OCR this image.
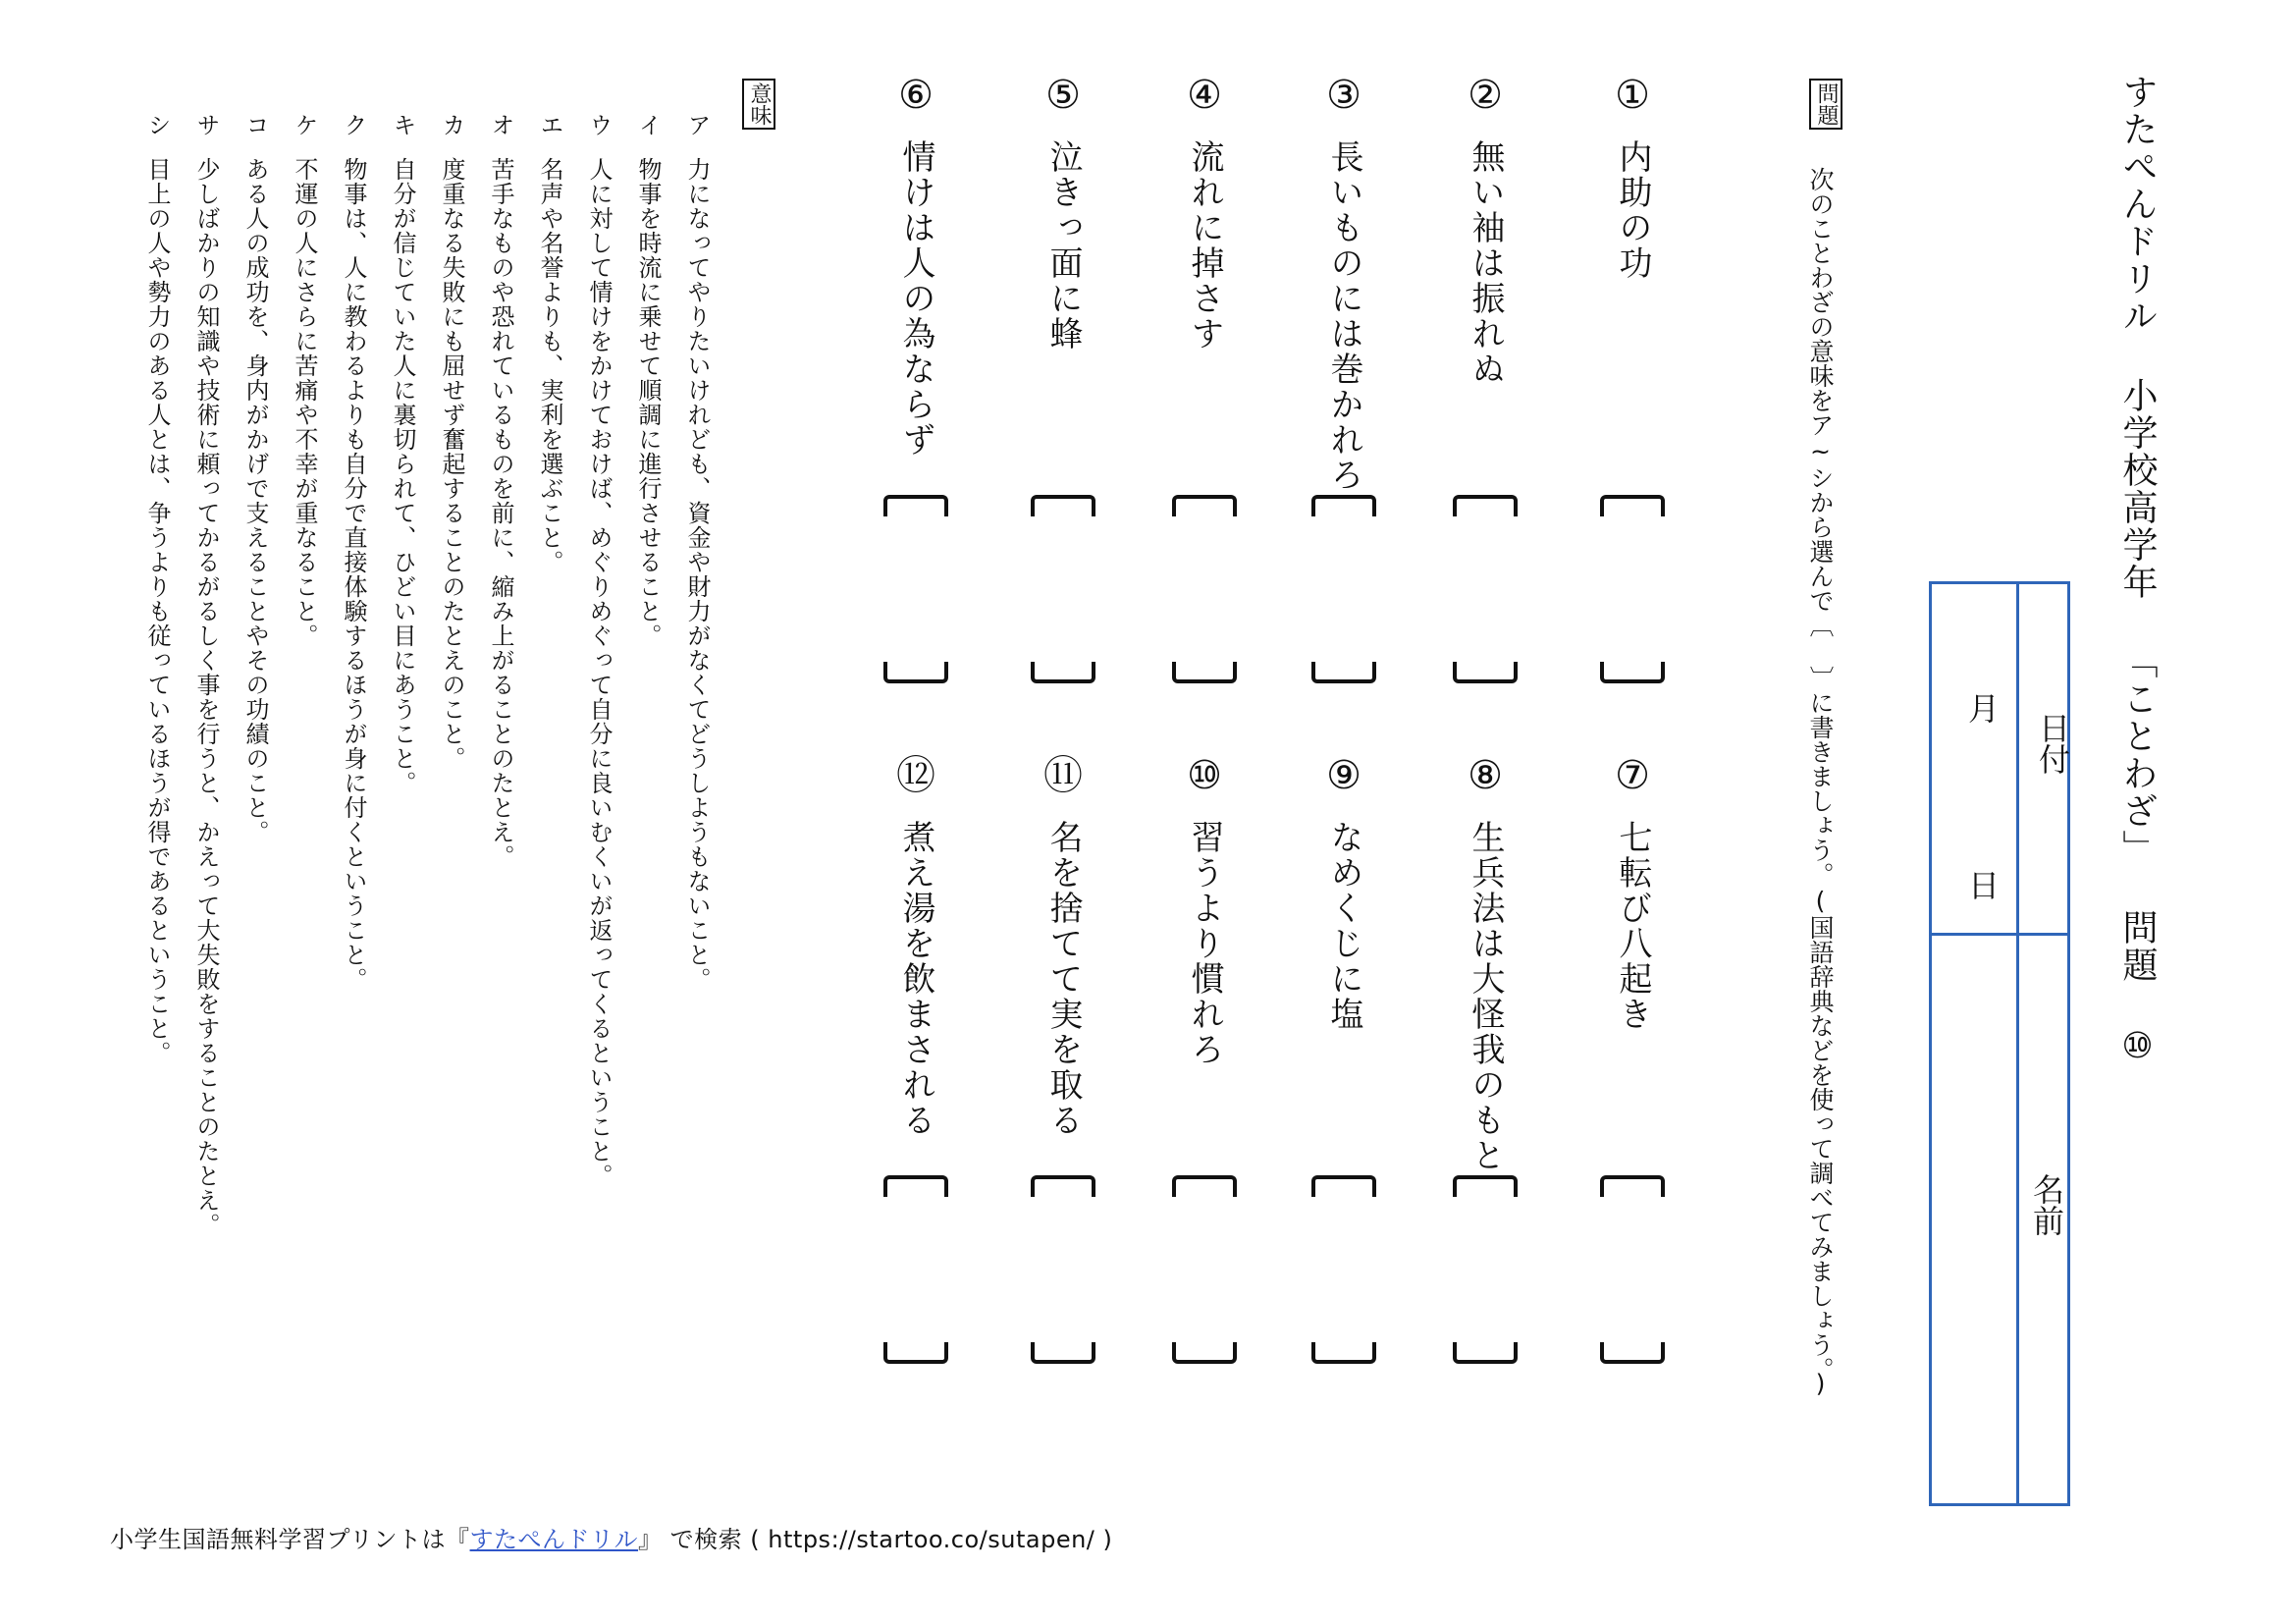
すたぺんドリル 小学校高学年 「ことわざ」 問題 ⑩
日付
月
日
名前
問題
次のことわざの意味をア~シから選んで〔 〕に書きましょう。(国語辞典などを使って調べてみましょう。)
①
内助の功
②
無い袖は振れぬ
③
長いものには巻かれろ
④
流れに掉さす
⑤
泣きっ面に蜂
⑥
情けは人の為ならず
⑦
七転び八起き
⑧
生兵法は大怪我のもと
⑨
なめくじに塩
⑩
習うより慣れろ
⑪
名を捨てて実を取る
⑫
煮え湯を飲まされる
意味
ア力になってやりたいけれども、資金や財力がなくてどうしようもないこと。
イ物事を時流に乗せて順調に進行させること。
ウ人に対して情けをかけておけば、めぐりめぐって自分に良いむくいが返ってくるということ。
エ名声や名誉よりも、実利を選ぶこと。
オ苦手なものや恐れているものを前に、縮み上がることのたとえ。
カ度重なる失敗にも屈せず奮起することのたとえのこと。
キ自分が信じていた人に裏切られて、ひどい目にあうこと。
ク物事は、人に教わるよりも自分で直接体験するほうが身に付くということ。
ケ不運の人にさらに苦痛や不幸が重なること。
コある人の成功を、身内がかげで支えることやその功績のこと。
サ少しばかりの知識や技術に頼ってかるがるしく事を行うと、かえって大失敗をすることのたとえ。
シ目上の人や勢力のある人とは、争うよりも従っているほうが得であるということ。
小学生国語無料学習プリントは『すたぺんドリル』 で検索 ( https://startoo.co/sutapen/ )
